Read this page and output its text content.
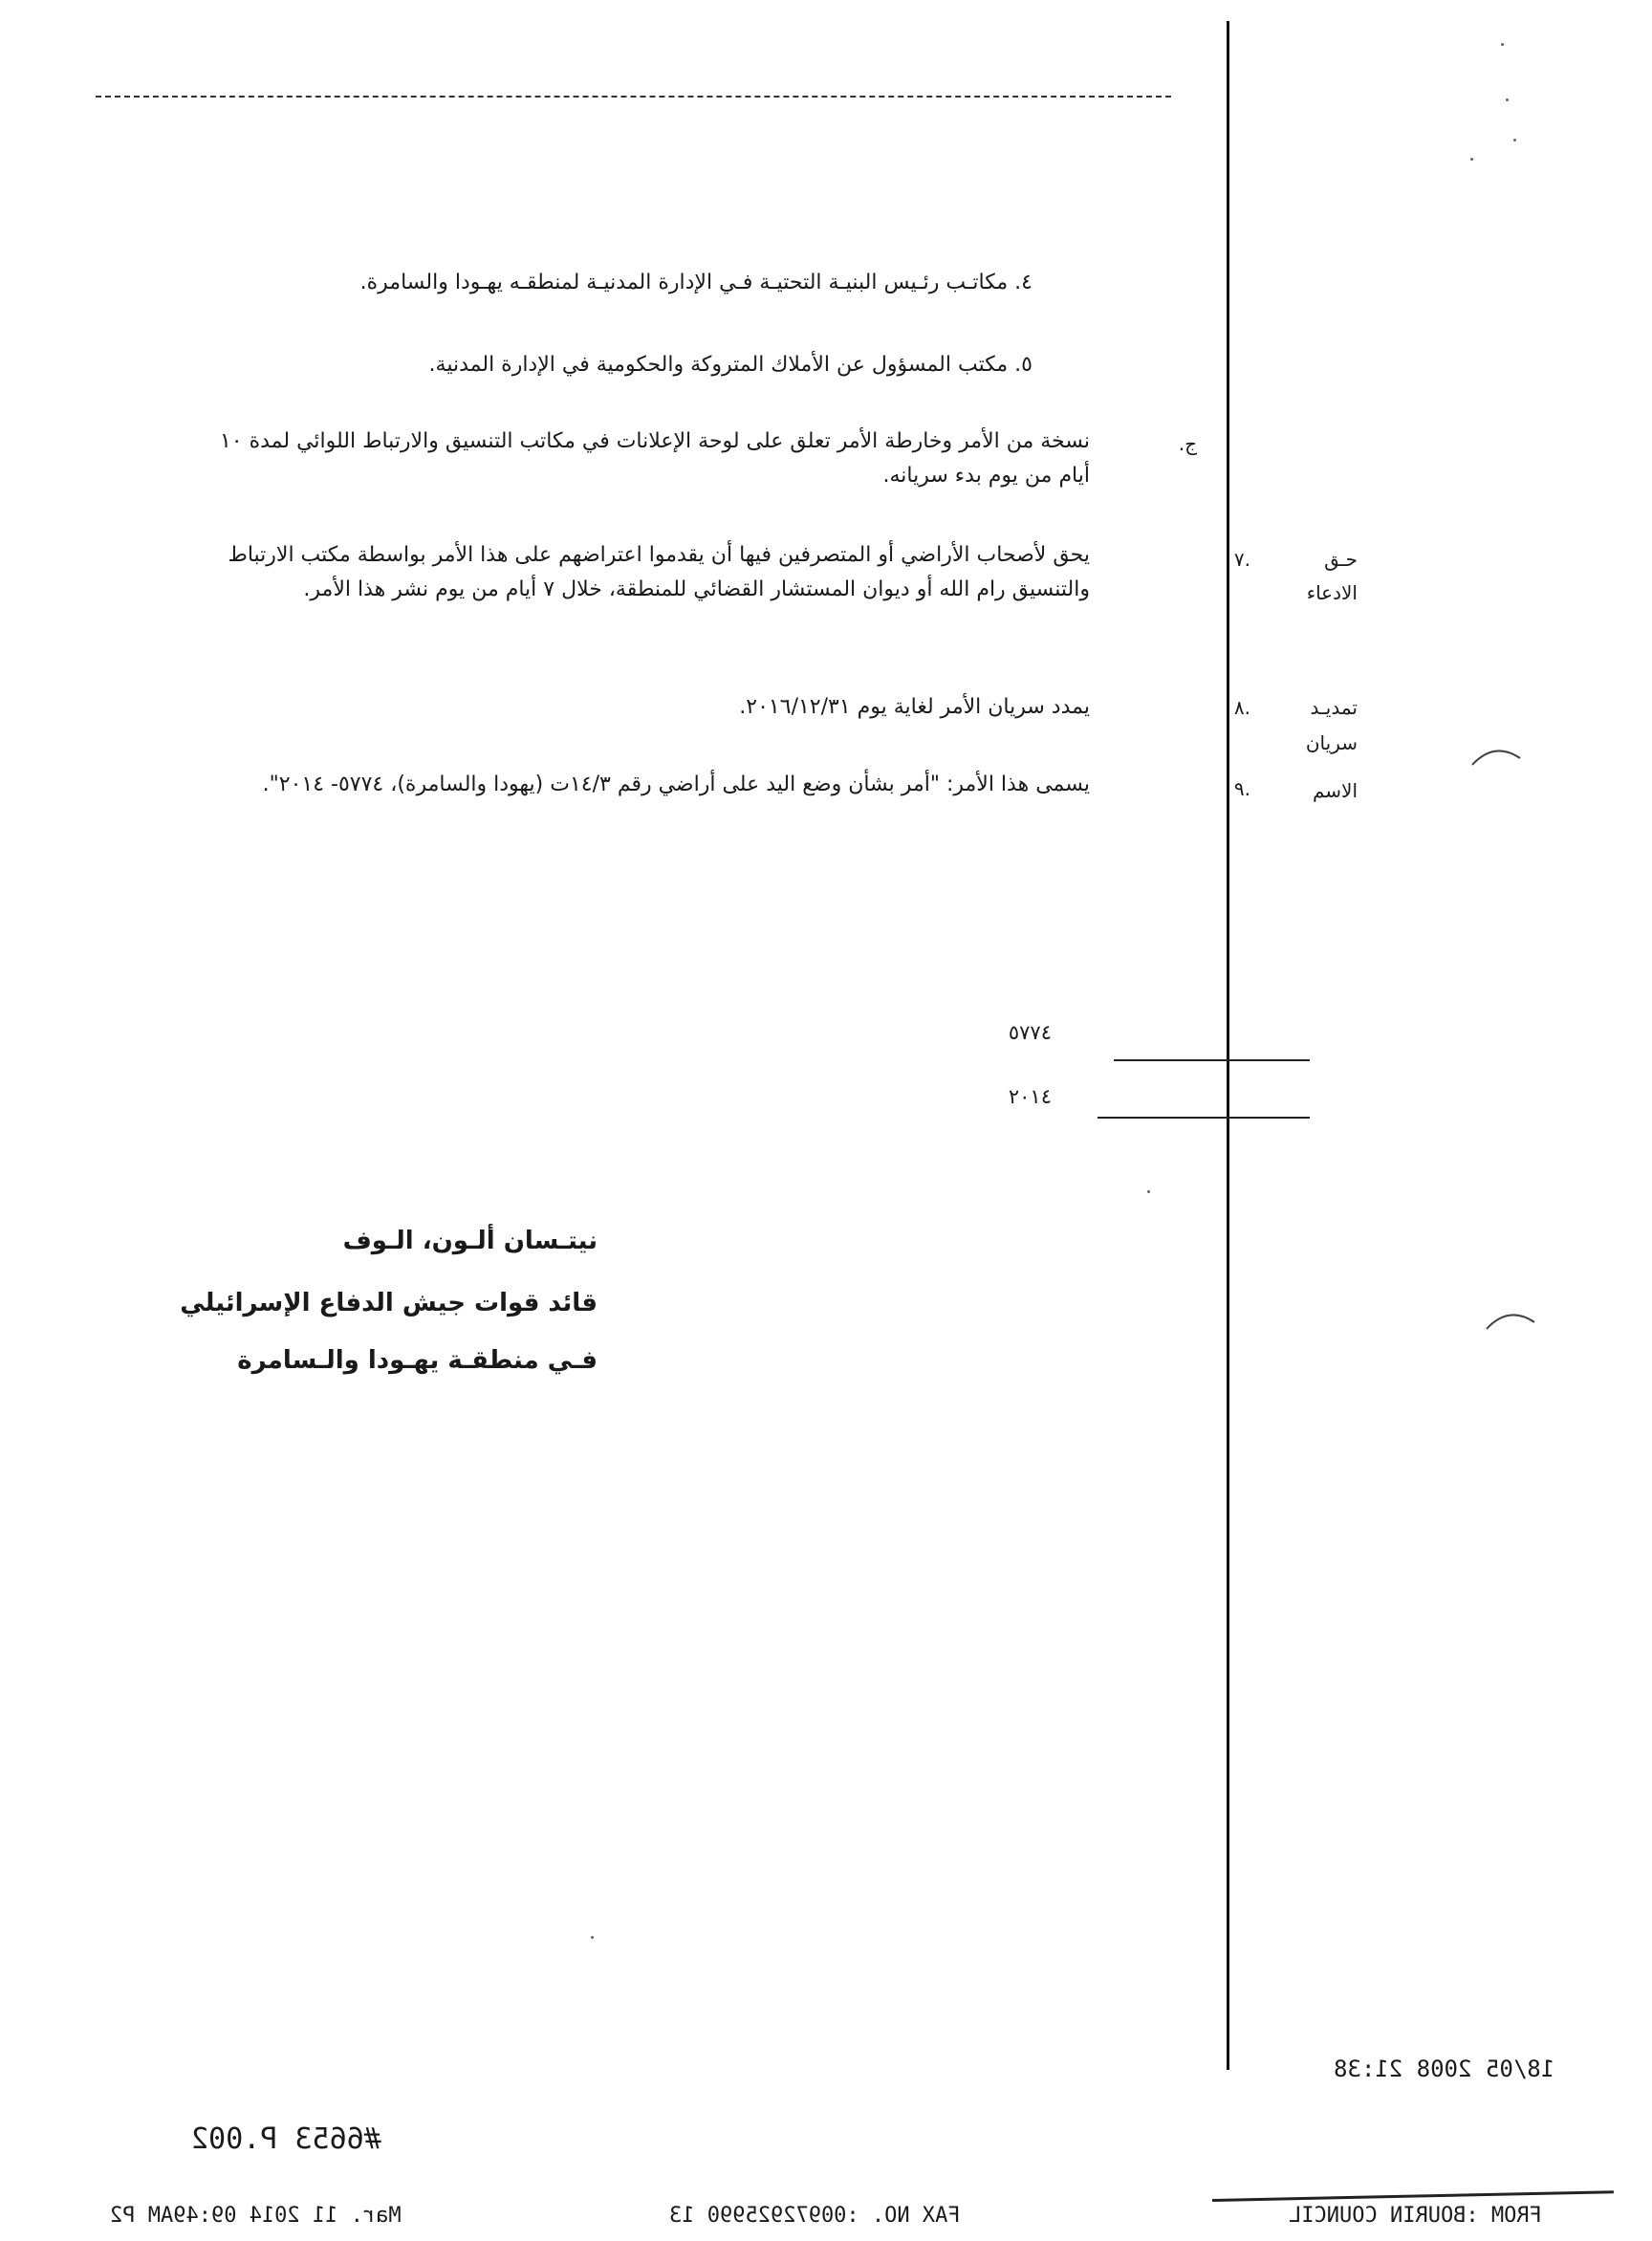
٤. مكاتـب رئـيس البنيـة التحتيـة فـي الإدارة المدنيـة لمنطقـه يهـودا والسامرة.
٥. مكتب المسؤول عن الأملاك المتروكة والحكومية في الإدارة المدنية.
ج.
نسخة من الأمر وخارطة الأمر تعلق على لوحة الإعلانات في مكاتب التنسيق والارتباط اللوائي لمدة ١٠ أيام من يوم بدء سريانه.
حـق
الادعاء
٧.
يحق لأصحاب الأراضي أو المتصرفين فيها أن يقدموا اعتراضهم على هذا الأمر بواسطة مكتب الارتباط والتنسيق رام الله أو ديوان المستشار القضائي للمنطقة، خلال ٧ أيام من يوم نشر هذا الأمر.
تمديـد
سريان
٨.
يمدد سريان الأمر لغاية يوم ٢٠١٦/١٢/٣١.
الاسم
٩.
يسمى هذا الأمر: "أمر بشأن وضع اليد على أراضي رقم ١٤/٣ت (يهودا والسامرة)، ٥٧٧٤- ٢٠١٤".
٥٧٧٤
٢٠١٤
نيتـسان ألـون، الـوف
قائد قوات جيش الدفاع الإسرائيلي
فـي منطقـة يهـودا والـسامرة
18/05 2008 21:38
#6653 P.002
Mar. 11 2014 09:49AM P2	FAX NO. :00972925990 13	FROM :BOURIN COUNCIL
